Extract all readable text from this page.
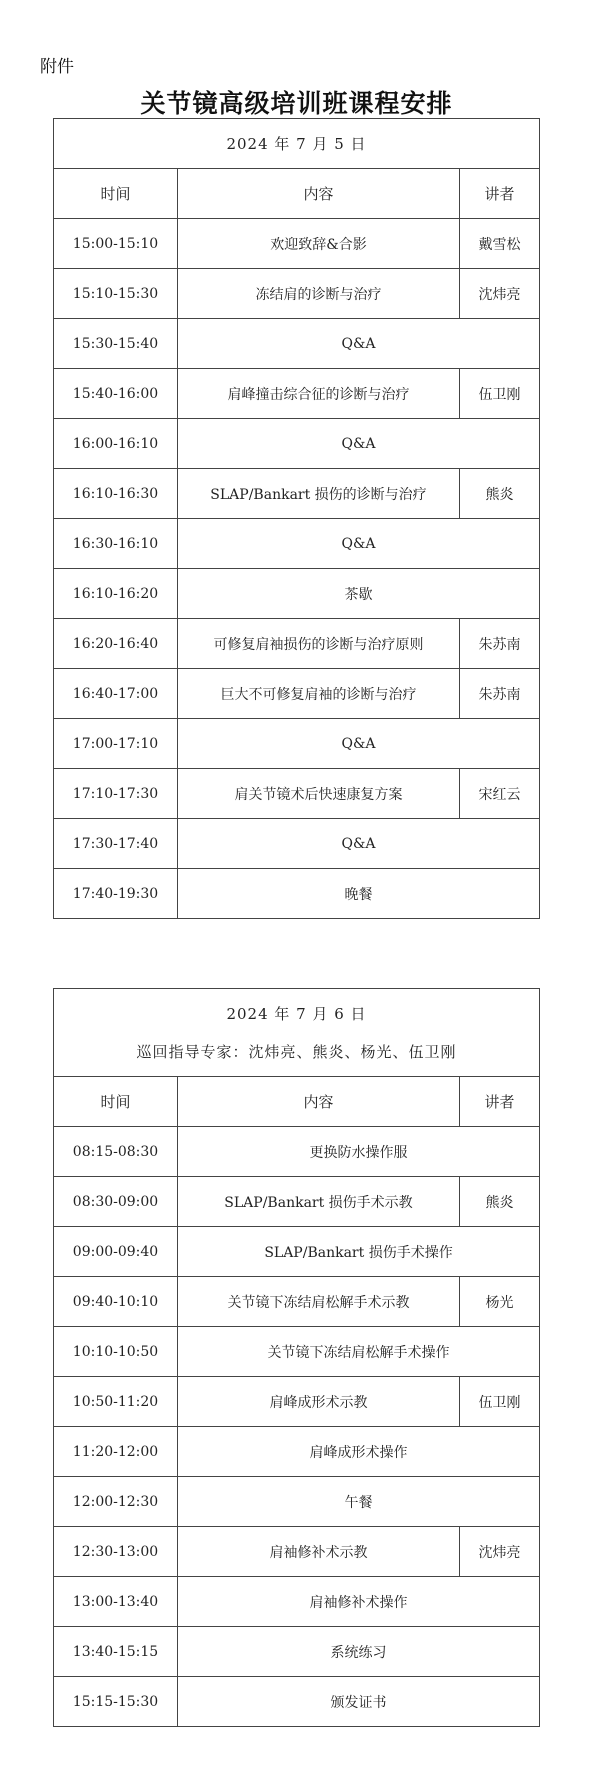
附件
关节镜高级培训班课程安排
2024 年 7 月 5 日		
时间	内容	讲者
15:00-15:10	欢迎致辞&合影	戴雪松
15:10-15:30	冻结肩的诊断与治疗	沈炜亮
15:30-15:40	Q&A	
15:40-16:00	肩峰撞击综合征的诊断与治疗	伍卫刚
16:00-16:10	Q&A	
16:10-16:30	SLAP/Bankart 损伤的诊断与治疗	熊炎
16:30-16:10	Q&A	
16:10-16:20	茶歇	
16:20-16:40	可修复肩袖损伤的诊断与治疗原则	朱苏南
16:40-17:00	巨大不可修复肩袖的诊断与治疗	朱苏南
17:00-17:10	Q&A	
17:10-17:30	肩关节镜术后快速康复方案	宋红云
17:30-17:40	Q&A	
17:40-19:30	晚餐	
2024 年 7 月 6 日
巡回指导专家：沈炜亮、熊炎、杨光、伍卫刚		

时间	内容	讲者
08:15-08:30	更换防水操作服	
08:30-09:00	SLAP/Bankart 损伤手术示教	熊炎
09:00-09:40	SLAP/Bankart 损伤手术操作	
09:40-10:10	关节镜下冻结肩松解手术示教	杨光
10:10-10:50	关节镜下冻结肩松解手术操作	
10:50-11:20	肩峰成形术示教	伍卫刚
11:20-12:00	肩峰成形术操作	
12:00-12:30	午餐	
12:30-13:00	肩袖修补术示教	沈炜亮
13:00-13:40	肩袖修补术操作	
13:40-15:15	系统练习	
15:15-15:30	颁发证书	
